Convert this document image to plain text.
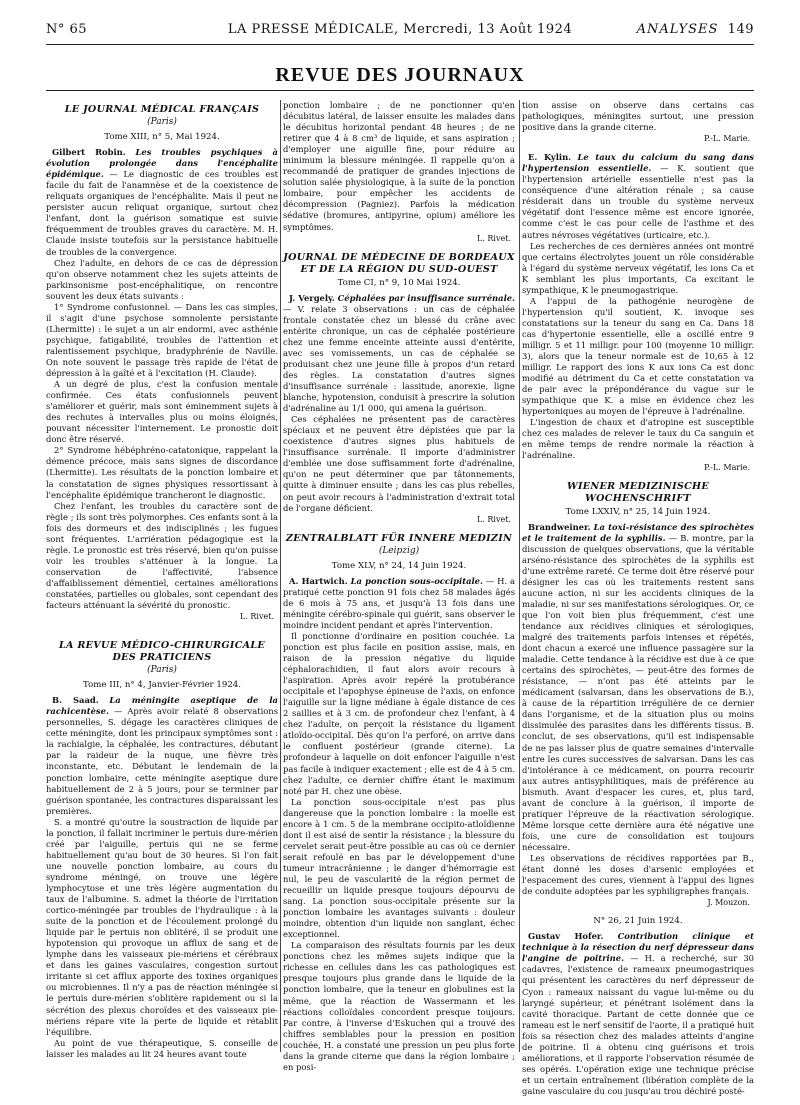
N° 65	LA PRESSE MÉDICALE, Mercredi, 13 Août 1924	ANALYSES 149
REVUE DES JOURNAUX
LE JOURNAL MÉDICAL FRANÇAIS
(Paris)
Tome XIII, n° 5, Mai 1924.

Gilbert Robin. Les troubles psychiques à évolution prolongée dans l'encéphalite épidémique. — Le diagnostic de ces troubles est facile du fait de l'anamnèse et de la coexistence de reliquats organiques de l'encéphalite. Mais il peut ne persister aucun reliquat organique, surtout chez l'enfant, dont la guérison somatique est suivie fréquemment de troubles graves du caractère. M. H. Claude insiste toutefois sur la persistance habituelle de troubles de la convergence.

Chez l'adulte, en dehors de ce cas de dépression qu'on observe notamment chez les sujets atteints de parkinsonisme post-encéphalitique, on rencontre souvent les deux états suivants :

1° Syndrome confusionnel. — Dans les cas simples, il s'agit d'une psychose somnolente persistante (Lhermitte) : le sujet a un air endormi, avec asthénie psychique, fatigabilité, troubles de l'attention et ralentissement psychique, bradyphrénie de Naville. On note souvent le passage très rapide de l'état de dépression à la gaîté et à l'excitation (H. Claude).

A un degré de plus, c'est la confusion mentale confirmée. Ces états confusionnels peuvent s'améliorer et guérir, mais sont éminemment sujets à des rechutes à intervalles plus ou moins éloignés, pouvant nécessiter l'internement. Le pronostic doit donc être réservé.

2° Syndrome hébéphréno-catatonique, rappelant la démence précoce, mais sans signes de discordance (Lhermitte). Les résultats de la ponction lombaire et la constatation de signes physiques ressortissant à l'encéphalite épidémique trancheront le diagnostic.

Chez l'enfant, les troubles du caractère sont de règle ; ils sont très polymorphes. Ces enfants sont à la fois des dormeurs et des indisciplinés ; les fugues sont fréquentes. L'arriération pédagogique est la règle. Le pronostic est très réservé, bien qu'on puisse voir les troubles s'atténuer à la longue. La conservation de l'affectivité, l'absence d'affaiblissement démentiel, certaines améliorations constatées, partielles ou globales, sont cependant des facteurs atténuant la sévérité du pronostic.

L. Rivet.
LA REVUE MÉDICO-CHIRURGICALE DES PRATICIENS
(Paris)
Tome III, n° 4, Janvier-Février 1924.

B. Saad. La méningite aseptique de la rachicentèse. — Après avoir relaté 8 observations personnelles, S. dégage les caractères cliniques de cette méningite, dont les principaux symptômes sont : la rachialgie, la céphalée, les contractures, débutant par la raideur de la nuque, une fièvre très inconstante, etc. Débutant le lendemain de la ponction lombaire, cette méningite aseptique dure habituellement de 2 à 5 jours, pour se terminer par guérison spontanée, les contractures disparaissant les premières.

S. a montré qu'outre la soustraction de liquide par la ponction, il fallait incriminer le pertuis dure-mérien créé par l'aiguille, pertuis qui ne se ferme habituellement qu'au bout de 30 heures. Si l'on fait une nouvelle ponction lombaire, au cours du syndrome méningé, on trouve une légère lymphocytose et une très légère augmentation du taux de l'albumine. S. admet la théorie de l'irritation cortico-méningée par troubles de l'hydraulique : à la suite de la ponction et de l'écoulement prolongé du liquide par le pertuis non oblitéré, il se produit une hypotension qui provoque un afflux de sang et de lymphe dans les vaisseaux pie-mériens et cérébraux et dans les gaines vasculaires, congestion surtout irritante si cet afflux apporte des toxines organiques ou microbiennes. Il n'y a pas de réaction méningée si le pertuis dure-mérien s'oblitère rapidement ou si la sécrétion des plexus choroïdes et des vaisseaux pie-mériens répare vite la perte de liquide et rétablit l'équilibre.

Au point de vue thérapeutique, S. conseille de laisser les malades au lit 24 heures avant toute

ponction lombaire ; de ne ponctionner qu'en décubitus latéral, de laisser ensuite les malades dans le décubitus horizontal pendant 48 heures ; de ne retirer que 4 à 8 cm³ de liquide, et sans aspiration ; d'employer une aiguille fine, pour réduire au minimum la blessure méningée. Il rappelle qu'on a recommandé de pratiquer de grandes injections de solution salée physiologique, à la suite de la ponction lombaire, pour empêcher les accidents de décompression (Pagniez). Parfois la médication sédative (bromures, antipyrine, opium) améliore les symptômes.

L. Rivet.
JOURNAL DE MÉDECINE DE BORDEAUX ET DE LA RÉGION DU SUD-OUEST
Tome CI, n° 9, 10 Mai 1924.

J. Vergely. Céphalées par insuffisance surrénale. — V. relate 3 observations : un cas de céphalée frontale constatée chez un blessé du crâne avec entérite chronique, un cas de céphalée postérieure chez une femme enceinte atteinte aussi d'entérite, avec ses vomissements, un cas de céphalée se produisant chez une jeune fille à propos d'un retard des règles. La constatation d'autres signes d'insuffisance surrénale : lassitude, anorexie, ligne blanche, hypotension, conduisit à prescrire la solution d'adrénaline au 1/1 000, qui amena la guérison.

Ces céphalées ne présentent pas de caractères spéciaux et ne peuvent être dépistées que par la coexistence d'autres signes plus habituels de l'insuffisance surrénale. Il importe d'administrer d'emblée une dose suffisamment forte d'adrénaline, qu'on ne peut déterminer que par tâtonnements, quitte à diminuer ensuite ; dans les cas plus rebelles, on peut avoir recours à l'administration d'extrait total de l'organe déficient.

L. Rivet.
ZENTRALBLATT FÜR INNERE MEDIZIN
(Leipzig)
Tome XLV, n° 24, 14 Juin 1924.

A. Hartwich. La ponction sous-occipitale. — H. a pratiqué cette ponction 91 fois chez 58 malades âgés de 6 mois à 75 ans, et jusqu'à 13 fois dans une méningite cérébro-spinale qui guérit, sans observer le moindre incident pendant et après l'intervention.

Il ponctionne d'ordinaire en position couchée. La ponction est plus facile en position assise, mais, en raison de la pression négative du liquide céphalorachidien, il faut alors avoir recours à l'aspiration. Après avoir repéré la protubérance occipitale et l'apophyse épineuse de l'axis, on enfonce l'aiguille sur la ligne médiane à égale distance de ces 2 saillies et à 3 cm. de profondeur chez l'enfant, à 4 chez l'adulte, on perçoit la résistance du ligament atloïdo-occipital. Dès qu'on l'a perforé, on arrive dans le confluent postérieur (grande citerne). La profondeur à laquelle on doit enfoncer l'aiguille n'est pas facile à indiquer exactement ; elle est de 4 à 5 cm. chez l'adulte, ce dernier chiffre étant le maximum noté par H. chez une obèse.

La ponction sous-occipitale n'est pas plus dangereuse que la ponction lombaire : la moelle est encore à 1 cm. 5 de la membrane occipito-atloïdienne dont il est aisé de sentir la résistance ; la blessure du cervelet serait peut-être possible au cas où ce dernier serait refoulé en bas par le développement d'une tumeur intracrânienne ; le danger d'hémorragie est nul, le peu de vascularité de la région permet de recueillir un liquide presque toujours dépourvu de sang. La ponction sous-occipitale présente sur la ponction lombaire les avantages suivants : douleur moindre, obtention d'un liquide non sanglant, échec exceptionnel.

La comparaison des résultats fournis par les deux ponctions chez les mêmes sujets indique que la richesse en cellules dans les cas pathologiques est presque toujours plus grande dans le liquide de la ponction lombaire, que la teneur en globulines est la même, que la réaction de Wassermann et les réactions colloïdales concordent presque toujours. Par contre, à l'inverse d'Eskuchen qui a trouvé des chiffres semblables pour la pression en position couchée, H. a constaté une pression un peu plus forte dans la grande citerne que dans la région lombaire ; en posi-

tion assise on observe dans certains cas pathologiques, méningites surtout, une pression positive dans la grande citerne.

P.-L. Marie.

E. Kylin. Le taux du calcium du sang dans l'hypertension essentielle. — K. soutient que l'hypertension artérielle essentielle n'est pas la conséquence d'une altération rénale ; sa cause résiderait dans un trouble du système nerveux végétatif dont l'essence même est encore ignorée, comme c'est le cas pour celle de l'asthme et des autres névroses végétatives (urticaire, etc.).

Les recherches de ces dernières années ont montré que certains électrolytes jouent un rôle considérable à l'égard du système nerveux végétatif, les ions Ca et K semblant les plus importants, Ca excitant le sympathique, K le pneumogastrique.

A l'appui de la pathogénie neurogène de l'hypertension qu'il soutient, K. invoque ses constatations sur la teneur du sang en Ca. Dans 18 cas d'hypertonie essentielle, elle a oscillé entre 9 milligr. 5 et 11 milligr. pour 100 (moyenne 10 milligr. 3), alors que la teneur normale est de 10,65 à 12 milligr. Le rapport des ions K aux ions Ca est donc modifié au détriment du Ca et cette constatation va de pair avec la prépondérance du vague sur le sympathique que K. a mise en évidence chez les hypertoniques au moyen de l'épreuve à l'adrénaline.

L'ingestion de chaux et d'atropine est susceptible chez ces malades de relever le taux du Ca sanguin et en même temps de rendre normale la réaction à l'adrénaline.

P.-L. Marie.
WIENER MEDIZINISCHE WOCHENSCHRIFT
Tome LXXIV, n° 25, 14 Juin 1924.

Brandweiner. La toxi-résistance des spirochètes et le traitement de la syphilis. — B. montre, par la discussion de quelques observations, que la véritable arséno-résistance des spirochètes de la syphilis est d'une extrême rareté. Ce terme doit être réservé pour désigner les cas où les traitements restent sans aucune action, ni sur les accidents cliniques de la maladie, ni sur ses manifestations sérologiques. Or, ce que l'on voit bien plus fréquemment, c'est une tendance aux récidives cliniques et sérologiques, malgré des traitements parfois intenses et répétés, dont chacun a exercé une influence passagère sur la maladie. Cette tendance à la récidive est due à ce que certains des spirochètes, — peut-être des formes de résistance, — n'ont pas été atteints par le médicament (salvarsan, dans les observations de B.), à cause de la répartition irrégulière de ce dernier dans l'organisme, et de la situation plus ou moins dissimulée des parasites dans les différents tissus. B. conclut, de ses observations, qu'il est indispensable de ne pas laisser plus de quatre semaines d'intervalle entre les cures successives de salvarsan. Dans les cas d'intolérance à ce médicament, on pourra recourir aux autres antisyphilitiques, mais de préférence au bismuth. Avant d'espacer les cures, et, plus tard, avant de conclure à la guérison, il importe de pratiquer l'épreuve de la réactivation sérologique. Même lorsque cette dernière aura été négative une fois, une cure de consolidation est toujours nécessaire.

Les observations de récidives rapportées par B., étant donné les doses d'arsenic employées et l'espacement des cures, viennent à l'appui des lignes de conduite adoptées par les syphiligraphes français.

J. Mouzon.
N° 26, 21 Juin 1924.

Gustav Hofer. Contribution clinique et technique à la résection du nerf dépresseur dans l'angine de poitrine. — H. a recherché, sur 30 cadavres, l'existence de rameaux pneumogastriques qui présentent les caractères du nerf dépresseur de Cyon : rameaux naissant du vague lui-même ou du laryngé supérieur, et pénétrant isolément dans la cavité thoracique. Partant de cette donnée que ce rameau est le nerf sensitif de l'aorte, il a pratiqué huit fois sa résection chez des malades atteints d'angine de poitrine. Il a obtenu cinq guérisons et trois améliorations, et il rapporte l'observation résumée de ses opérés. L'opération exige une technique précise et un certain entraînement (libération complète de la gaine vasculaire du cou jusqu'au trou déchiré posté-
